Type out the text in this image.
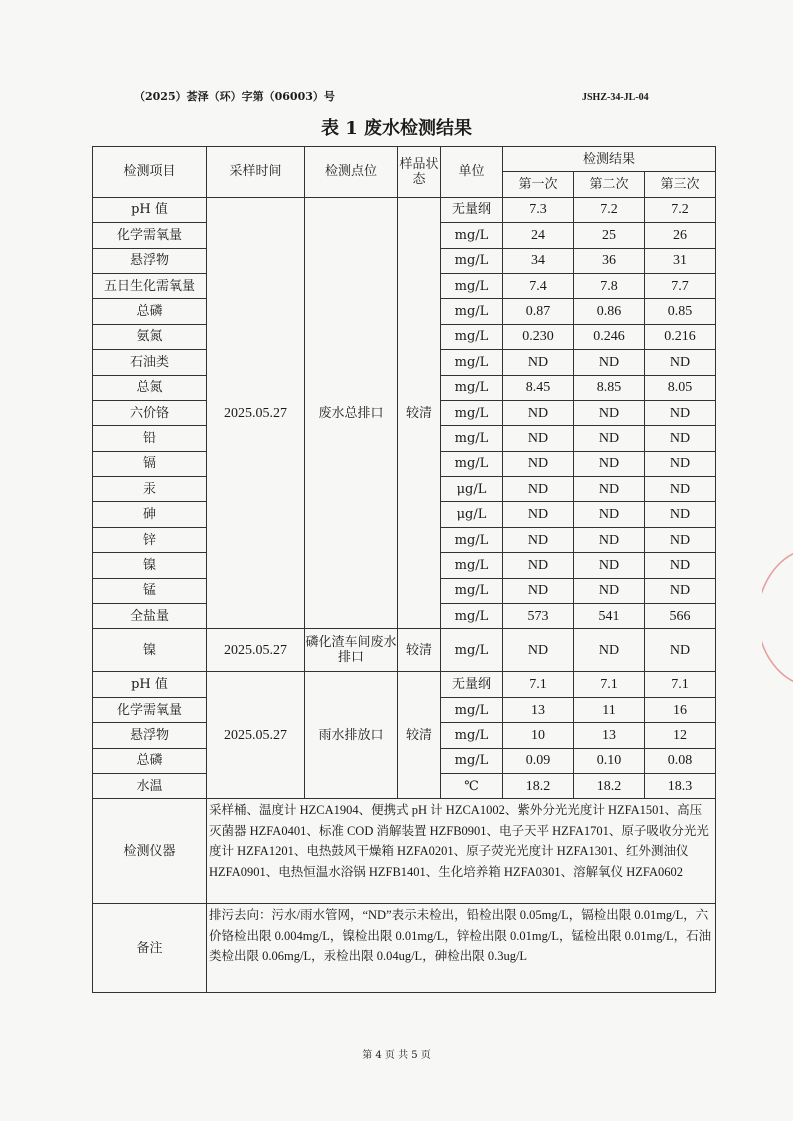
（2025）荟泽（环）字第（06003）号	JSHZ-34-JL-04
表 1 废水检测结果
检测项目	采样时间	检测点位	样品状态	单位	检测结果		
					第一次	第二次	第三次
pH 值	2025.05.27	废水总排口	较清	无量纲	7.3	7.2	7.2
化学需氧量				mg/L	24	25	26
悬浮物				mg/L	34	36	31
五日生化需氧量				mg/L	7.4	7.8	7.7
总磷				mg/L	0.87	0.86	0.85
氨氮				mg/L	0.230	0.246	0.216
石油类				mg/L	ND	ND	ND
总氮				mg/L	8.45	8.85	8.05
六价铬				mg/L	ND	ND	ND
铅				mg/L	ND	ND	ND
镉				mg/L	ND	ND	ND
汞				μg/L	ND	ND	ND
砷				μg/L	ND	ND	ND
锌				mg/L	ND	ND	ND
镍				mg/L	ND	ND	ND
锰				mg/L	ND	ND	ND
全盐量				mg/L	573	541	566
镍	2025.05.27	磷化渣车间废水排口	较清	mg/L	ND	ND	ND
pH 值	2025.05.27	雨水排放口	较清	无量纲	7.1	7.1	7.1
化学需氧量				mg/L	13	11	16
悬浮物				mg/L	10	13	12
总磷				mg/L	0.09	0.10	0.08
水温				℃	18.2	18.2	18.3
检测仪器	采样桶、温度计 HZCA1904、便携式 pH 计 HZCA1002、紫外分光光度计 HZFA1501、高压灭菌器 HZFA0401、标准 COD 消解装置 HZFB0901、电子天平 HZFA1701、原子吸收分光光度计 HZFA1201、电热鼓风干燥箱 HZFA0201、原子荧光光度计 HZFA1301、红外测油仪 HZFA0901、电热恒温水浴锅 HZFB1401、生化培养箱 HZFA0301、溶解氧仪 HZFA0602						
备注	排污去向：污水/雨水管网，“ND”表示未检出，铅检出限 0.05mg/L，镉检出限 0.01mg/L，六价铬检出限 0.004mg/L，镍检出限 0.01mg/L，锌检出限 0.01mg/L，锰检出限 0.01mg/L，石油类检出限 0.06mg/L，汞检出限 0.04ug/L，砷检出限 0.3ug/L						
第 4 页 共 5 页
